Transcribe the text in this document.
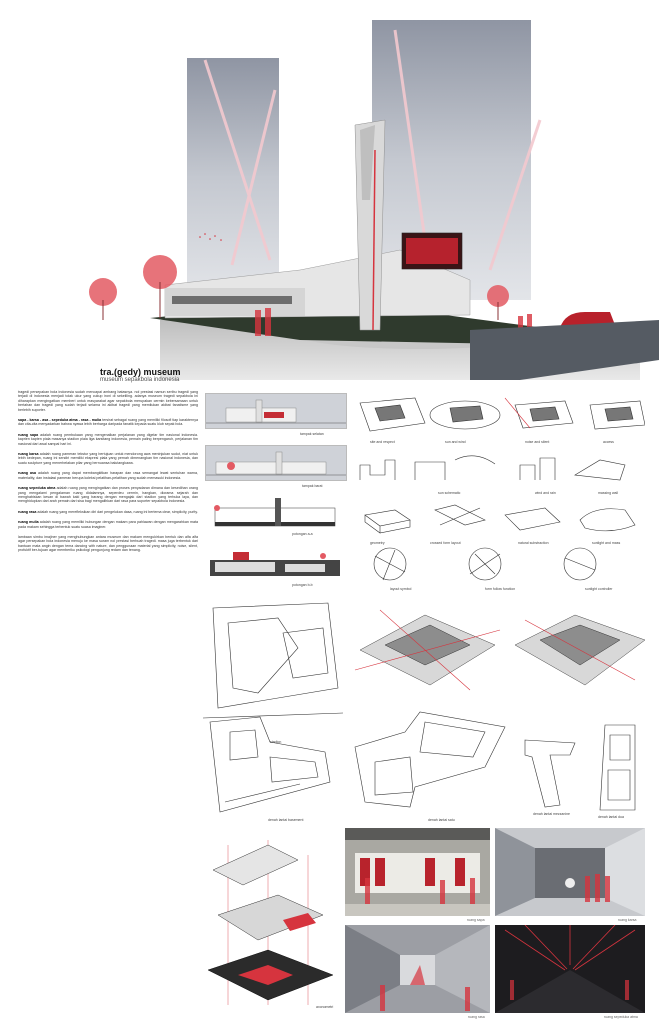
tra.(gedy) museum
museum sepakbola indonesia

tragedi persepakan bola indonesia sudah mencapai ambang batasnya. nol prestasi namun seribu tragedi yang terjadi di indonesia menjadi tolak ukur yang cukup ironi di sekeliling. adanya museum tragedi sepakbola ini diharapkan mengingatkan memberi untuk masyarakat agar sepakbola merupakan cermin kebersamaan untuk bertahan dan tragedi yang sudah terjadi selama ini akibat tragedi yang memilukan akibat fanatisme yang berlebih suporter.

sapa - karsa - asa - sepeduka atma - rasa - mulia tersirat sebagai ruang yang memiliki filosofi tiap karakternya dan cita-cita menyadarkan bahwa nyawa lebih berharga daripada fanatik kepada suatu klub sepak bola.

ruang sapa adalah ruang pembukaan yang mengenalkan perjalanan yang digelar tim nasional indonesia. kaprien kapten piala masanya stadion piala liga karsitang indonesia, pemain paling berpengaruh, perjalanan tim nasional dari awal sampai hari ini.

ruang karsa adalah ruang pameran tekstur yang bertujuan untuk mendorong awa meninjukan sudut, niat untuk lebih kedepan, ruang ini sendiri memiliki ekspresi piala yang pernah dimenangkan tim nasional indonesia, dan suatu sculpture yang menerbelakan pilar yang bernuansa balutangkawa.

ruang asa adalah ruang yang dapat membangkitkan harapan dan rasa semangat lewat sentuhan warna, materiality, dan instalasi pameran berupa koleksi pelatihan-pelatihan yang sudah memasuki indonesia.

ruang sepeduka atma adalah ruang yang mengingatkan dan proses penyadaran dimana dan kesedihan orang yang mengalami pengalaman ruang didalamnya, seperdeu cermin, hangkan, diorama sejarah dan menghabiskan kesan di bawah kaki yang barang dengan mengajak dari stadion yang terbuka laya, dan menghidupkan dari arah pemain dari sisa bagi mengalihkan dari rasa para suporter sepakbola indonesia.

ruang rasa adalah ruang yang merefleksikan diri dari pengelukan dasa, ruang ini bertema clear, simplicity, purity.

ruang mulia adalah ruang yang memiliki hubungan dengan makam para pahlawan dengan mengarahkan mata pada makam sehingga terbentuk suatu suasa imaginer.

lambaan simbu imajiner yang menghubungkan antara museum dan makam mengukirkan bentuk dan alfa alfa agar persepakan bola indonesia menuju ke masa suram nol prestasi berbuah tragedi. masa juga terbentuk dari bantuan mata angin dengan tema dancing with nature, dan penggunaan material yang simplicity, noise, silent, profuktif ber-tujuan agar memberiku psikologi pengunjung redam dan tenang.

tampak selatan
tampak barat
potongan a-a
potongan b-b
site and respect	sun and wind	noise and silent	access
sun schematic	wind and rain	massing wall
geometry	crossed form layout	natural substraction	sunlight and mass
layout symbol	form follow function	sunlight controller
stadion
denah lantai basement	denah lantai satu
denah lantai mezzanine
denah lantai dua
axonometri
ruang sapa	ruang karsa
ruang rasa	ruang sepeduka atma
